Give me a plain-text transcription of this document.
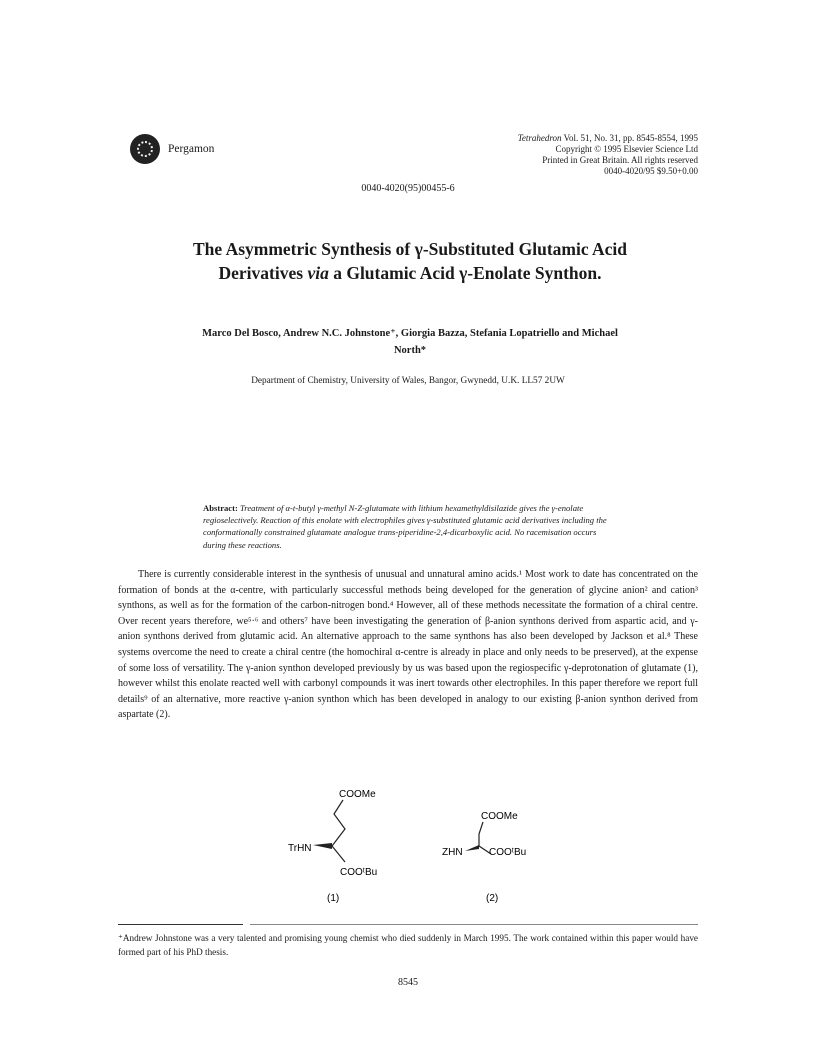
Pergamon
Tetrahedron Vol. 51, No. 31, pp. 8545-8554, 1995
Copyright © 1995 Elsevier Science Ltd
Printed in Great Britain. All rights reserved
0040-4020/95 $9.50+0.00
0040-4020(95)00455-6
The Asymmetric Synthesis of γ-Substituted Glutamic Acid
Derivatives via a Glutamic Acid γ-Enolate Synthon.
Marco Del Bosco, Andrew N.C. Johnstone⁺, Giorgia Bazza, Stefania Lopatriello and Michael
North*
Department of Chemistry, University of Wales, Bangor, Gwynedd, U.K. LL57 2UW
Abstract: Treatment of α-t-butyl γ-methyl N-Z-glutamate with lithium hexamethyldisilazide gives the γ-enolate regioselectively. Reaction of this enolate with electrophiles gives γ-substituted glutamic acid derivatives including the conformationally constrained glutamate analogue trans-piperidine-2,4-dicarboxylic acid. No racemisation occurs during these reactions.
There is currently considerable interest in the synthesis of unusual and unnatural amino acids.¹ Most work to date has concentrated on the formation of bonds at the α-centre, with particularly successful methods being developed for the generation of glycine anion² and cation³ synthons, as well as for the formation of the carbon-nitrogen bond.⁴ However, all of these methods necessitate the formation of a chiral centre. Over recent years therefore, we⁵·⁶ and others⁷ have been investigating the generation of β-anion synthons derived from aspartic acid, and γ-anion synthons derived from glutamic acid. An alternative approach to the same synthons has also been developed by Jackson et al.⁸ These systems overcome the need to create a chiral centre (the homochiral α-centre is already in place and only needs to be preserved), at the expense of some loss of versatility. The γ-anion synthon developed previously by us was based upon the regiospecific γ-deprotonation of glutamate (1), however whilst this enolate reacted well with carbonyl compounds it was inert towards other electrophiles. In this paper therefore we report full details⁹ of an alternative, more reactive γ-anion synthon which has been developed in analogy to our existing β-anion synthon derived from aspartate (2).
COOMe
TrHN
COOᵗBu
(1)
COOMe
ZHN	COOᵗBu
(2)
⁺Andrew Johnstone was a very talented and promising young chemist who died suddenly in March 1995. The work contained within this paper would have formed part of his PhD thesis.
8545
